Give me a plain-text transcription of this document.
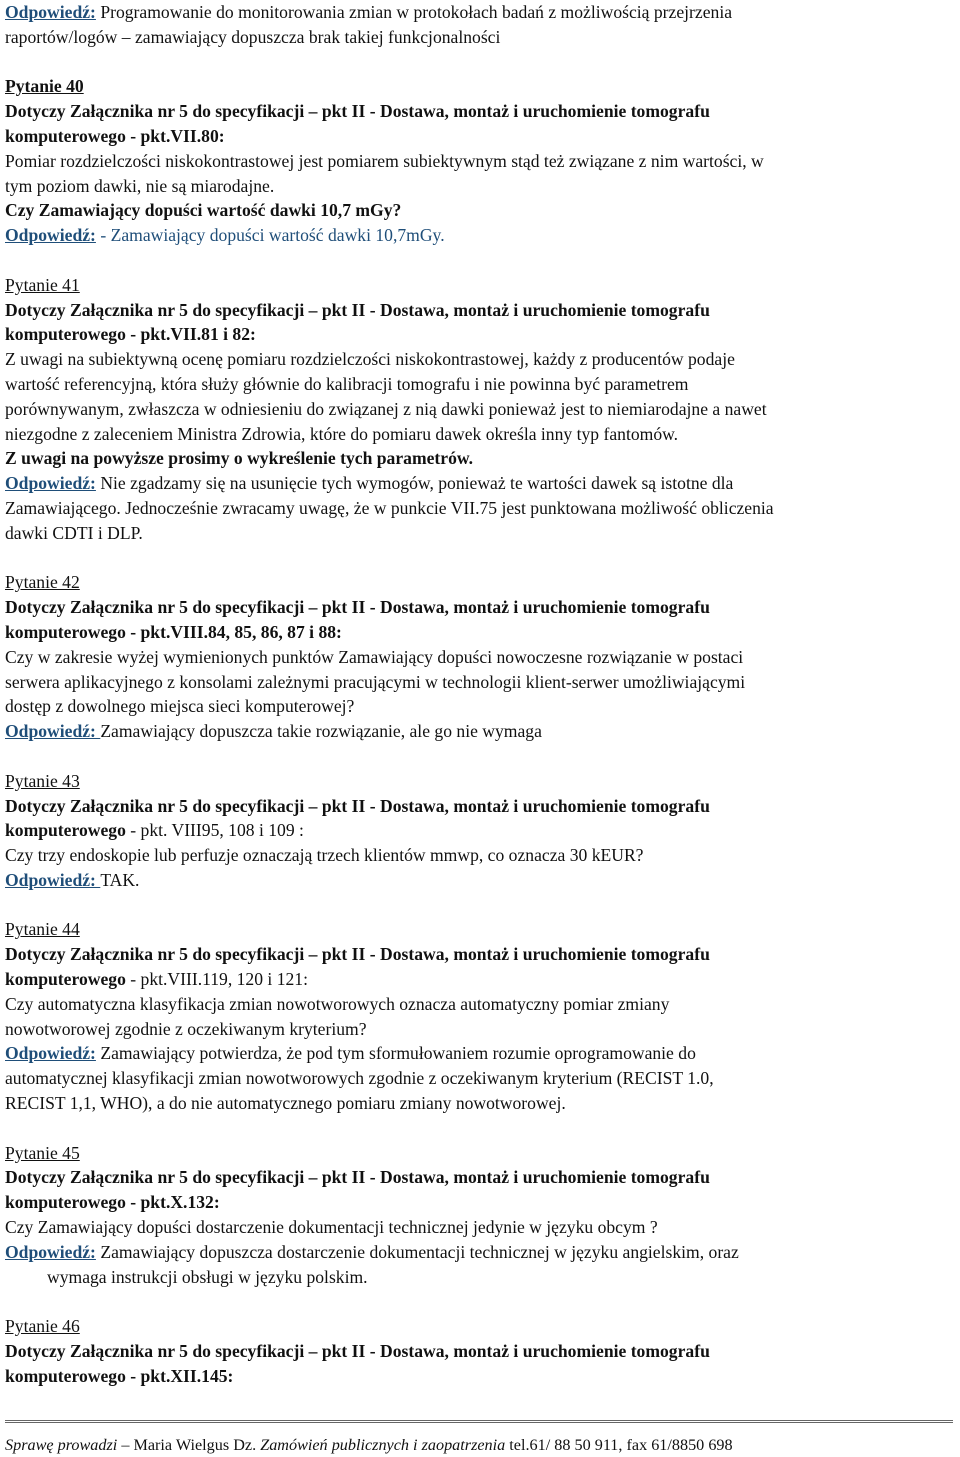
Odpowiedź: Programowanie do monitorowania zmian w protokołach badań z możliwością przejrzenia
raportów/logów – zamawiający dopuszcza brak takiej funkcjonalności
Pytanie 40
Dotyczy Załącznika nr 5 do specyfikacji – pkt II - Dostawa, montaż i uruchomienie tomografu
komputerowego - pkt.VII.80:
Pomiar rozdzielczości niskokontrastowej jest pomiarem subiektywnym stąd też związane z nim wartości, w
tym poziom dawki, nie są miarodajne.
Czy Zamawiający dopuści wartość dawki 10,7 mGy?
Odpowiedź: - Zamawiający dopuści wartość dawki 10,7mGy.
Pytanie 41
Dotyczy Załącznika nr 5 do specyfikacji – pkt II - Dostawa, montaż i uruchomienie tomografu
komputerowego - pkt.VII.81 i 82:
Z uwagi na subiektywną ocenę pomiaru rozdzielczości niskokontrastowej, każdy z producentów podaje
wartość referencyjną, która służy głównie do kalibracji tomografu i nie powinna być parametrem
porównywanym, zwłaszcza w odniesieniu do związanej z nią dawki ponieważ jest to niemiarodajne a nawet
niezgodne z zaleceniem Ministra Zdrowia, które do pomiaru dawek określa inny typ fantomów.
Z uwagi na powyższe prosimy o wykreślenie tych parametrów.
Odpowiedź: Nie zgadzamy się na usunięcie tych wymogów, ponieważ te wartości dawek są istotne dla
Zamawiającego. Jednocześnie zwracamy uwagę, że w punkcie VII.75 jest punktowana możliwość obliczenia
dawki CDTI i DLP.
Pytanie 42
Dotyczy Załącznika nr 5 do specyfikacji – pkt II - Dostawa, montaż i uruchomienie tomografu
komputerowego - pkt.VIII.84, 85, 86, 87 i 88:
Czy w zakresie wyżej wymienionych punktów Zamawiający dopuści nowoczesne rozwiązanie w postaci
serwera aplikacyjnego z konsolami zależnymi pracującymi w technologii klient-serwer umożliwiającymi
dostęp z dowolnego miejsca sieci komputerowej?
Odpowiedź: Zamawiający dopuszcza takie rozwiązanie, ale go nie wymaga
Pytanie 43
Dotyczy Załącznika nr 5 do specyfikacji – pkt II - Dostawa, montaż i uruchomienie tomografu
komputerowego - pkt. VIII95, 108 i 109 :
Czy trzy endoskopie lub perfuzje oznaczają trzech klientów mmwp, co oznacza 30 kEUR?
Odpowiedź: TAK.
Pytanie 44
Dotyczy Załącznika nr 5 do specyfikacji – pkt II - Dostawa, montaż i uruchomienie tomografu
komputerowego - pkt.VIII.119, 120 i 121:
Czy automatyczna klasyfikacja zmian nowotworowych oznacza automatyczny pomiar zmiany
nowotworowej zgodnie z oczekiwanym kryterium?
Odpowiedź: Zamawiający potwierdza, że pod tym sformułowaniem rozumie oprogramowanie do
automatycznej klasyfikacji zmian nowotworowych zgodnie z oczekiwanym kryterium (RECIST 1.0,
RECIST 1,1, WHO), a do nie automatycznego pomiaru zmiany nowotworowej.
Pytanie 45
Dotyczy Załącznika nr 5 do specyfikacji – pkt II - Dostawa, montaż i uruchomienie tomografu
komputerowego - pkt.X.132:
Czy Zamawiający dopuści dostarczenie dokumentacji technicznej jedynie w języku obcym ?
Odpowiedź: Zamawiający dopuszcza dostarczenie dokumentacji technicznej w języku angielskim, oraz
wymaga instrukcji obsługi w języku polskim.
Pytanie 46
Dotyczy Załącznika nr 5 do specyfikacji – pkt II - Dostawa, montaż i uruchomienie tomografu
komputerowego - pkt.XII.145:
Sprawę prowadzi – Maria Wielgus Dz. Zamówień publicznych i zaopatrzenia tel.61/ 88 50 911, fax 61/8850 698
